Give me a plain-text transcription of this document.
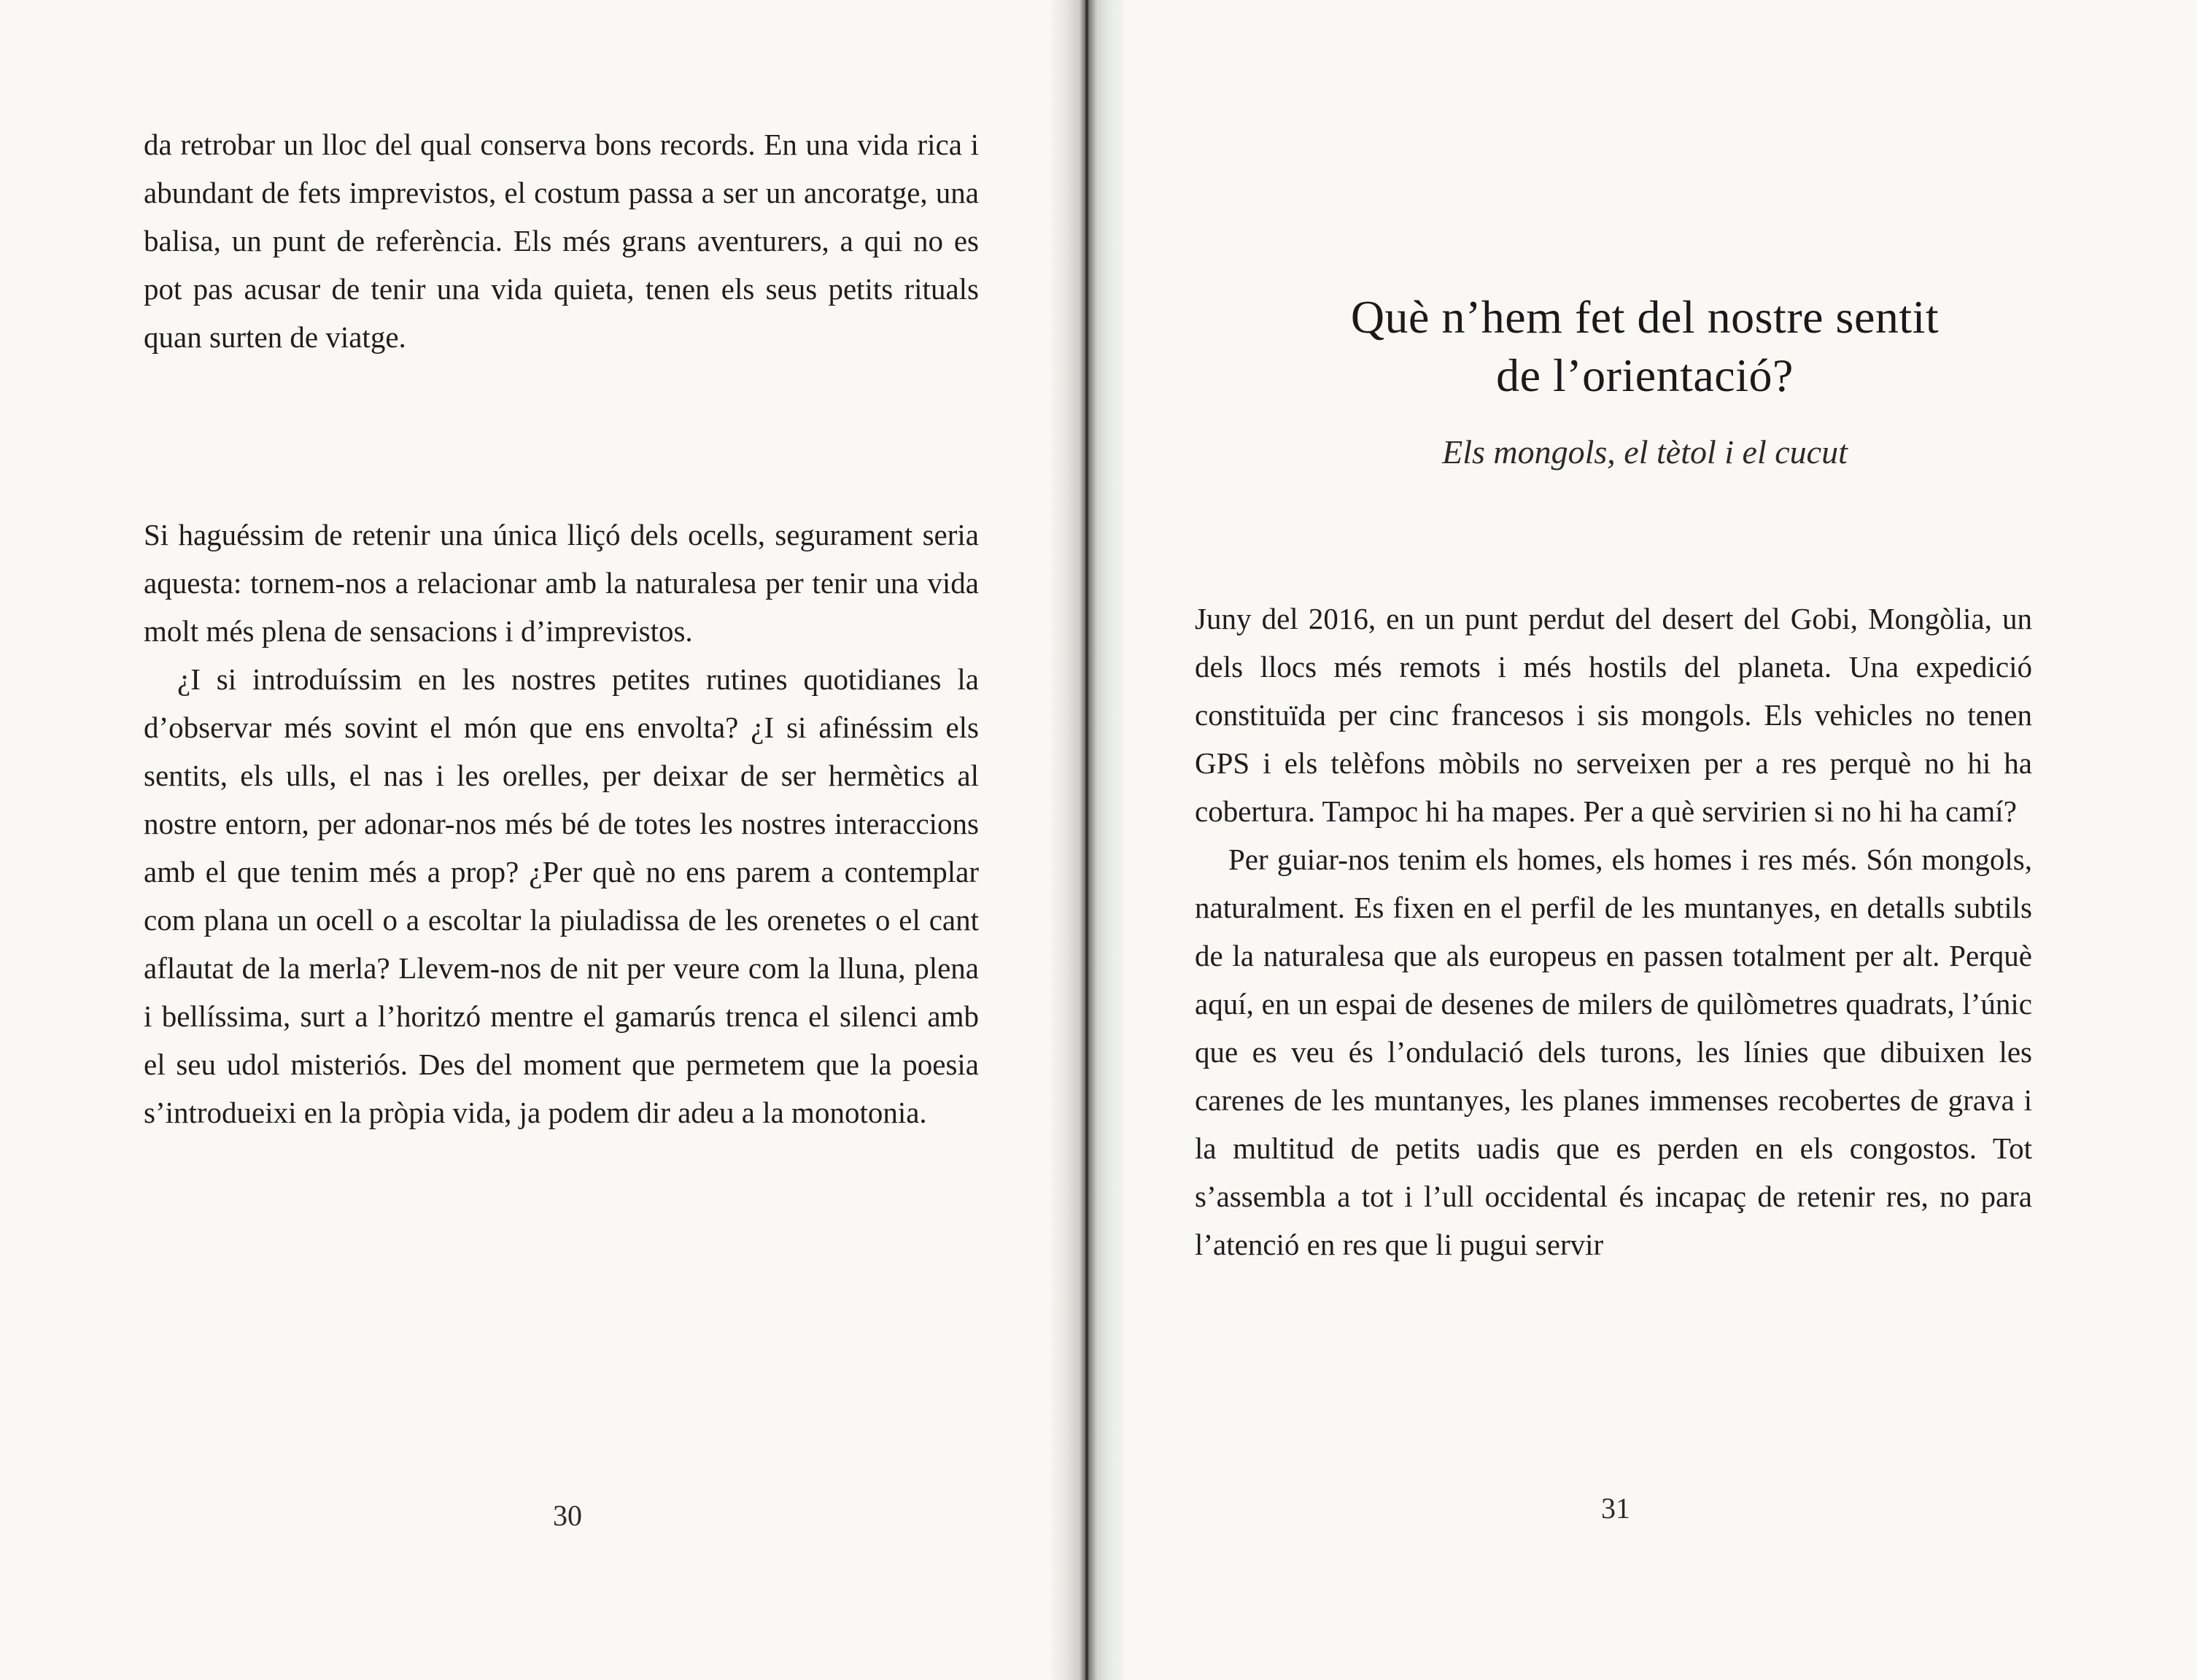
da retrobar un lloc del qual conserva bons records. En una vida rica i abundant de fets imprevistos, el costum passa a ser un ancoratge, una balisa, un punt de referència. Els més grans aventurers, a qui no es pot pas acusar de tenir una vida quieta, tenen els seus petits rituals quan surten de viatge.

Si haguéssim de retenir una única lliçó dels ocells, segurament seria aquesta: tornem-nos a relacionar amb la naturalesa per tenir una vida molt més plena de sensacions i d’imprevistos.

¿I si introduíssim en les nostres petites rutines quotidianes la d’observar més sovint el món que ens envolta? ¿I si afinéssim els sentits, els ulls, el nas i les orelles, per deixar de ser hermètics al nostre entorn, per adonar-nos més bé de totes les nostres interaccions amb el que tenim més a prop? ¿Per què no ens parem a contemplar com plana un ocell o a escoltar la piuladissa de les orenetes o el cant aflautat de la merla? Llevem-nos de nit per veure com la lluna, plena i bellíssima, surt a l’horitzó mentre el gamarús trenca el silenci amb el seu udol misteriós. Des del moment que permetem que la poesia s’introdueixi en la pròpia vida, ja podem dir adeu a la monotonia.

30
Què n’hem fet del nostre sentit
de l’orientació?
Els mongols, el tètol i el cucut

Juny del 2016, en un punt perdut del desert del Gobi, Mongòlia, un dels llocs més remots i més hostils del planeta. Una expedició constituïda per cinc francesos i sis mongols. Els vehicles no tenen GPS i els telèfons mòbils no serveixen per a res perquè no hi ha cobertura. Tampoc hi ha mapes. Per a què servirien si no hi ha camí?

Per guiar-nos tenim els homes, els homes i res més. Són mongols, naturalment. Es fixen en el perfil de les muntanyes, en detalls subtils de la naturalesa que als europeus en passen totalment per alt. Perquè aquí, en un espai de desenes de milers de quilòmetres quadrats, l’únic que es veu és l’ondulació dels turons, les línies que dibuixen les carenes de les muntanyes, les planes immenses recobertes de grava i la multitud de petits uadis que es perden en els congostos. Tot s’assembla a tot i l’ull occidental és incapaç de retenir res, no para l’atenció en res que li pugui servir

31
